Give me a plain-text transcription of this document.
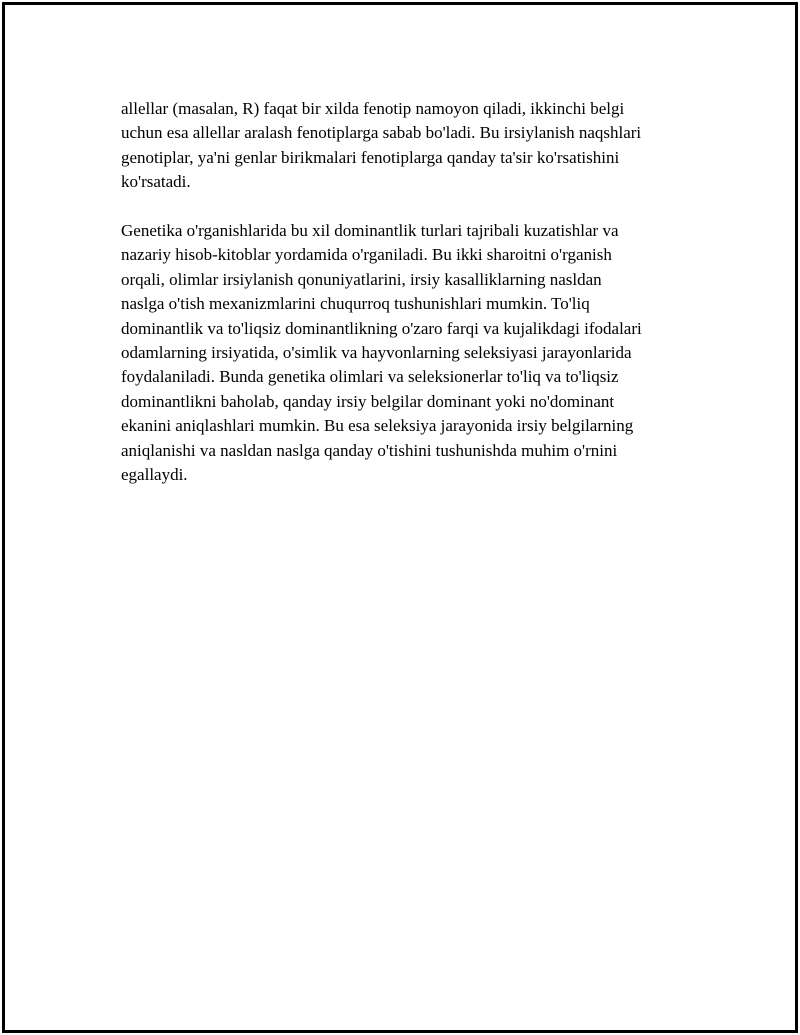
allellar (masalan, R) faqat bir xilda fenotip namoyon qiladi, ikkinchi belgi
uchun esa allellar aralash fenotiplarga sabab bo'ladi. Bu irsiylanish naqshlari
genotiplar, ya'ni genlar birikmalari fenotiplarga qanday ta'sir ko'rsatishini
ko'rsatadi.

Genetika o'rganishlarida bu xil dominantlik turlari tajribali kuzatishlar va
nazariy hisob-kitoblar yordamida o'rganiladi. Bu ikki sharoitni o'rganish
orqali, olimlar irsiylanish qonuniyatlarini, irsiy kasalliklarning nasldan
naslga o'tish mexanizmlarini chuqurroq tushunishlari mumkin. To'liq
dominantlik va to'liqsiz dominantlikning o'zaro farqi va kujalikdagi ifodalari
odamlarning irsiyatida, o'simlik va hayvonlarning seleksiyasi jarayonlarida
foydalaniladi. Bunda genetika olimlari va seleksionerlar to'liq va to'liqsiz
dominantlikni baholab, qanday irsiy belgilar dominant yoki no'dominant
ekanini aniqlashlari mumkin. Bu esa seleksiya jarayonida irsiy belgilarning
aniqlanishi va nasldan naslga qanday o'tishini tushunishda muhim o'rnini
egallaydi.
